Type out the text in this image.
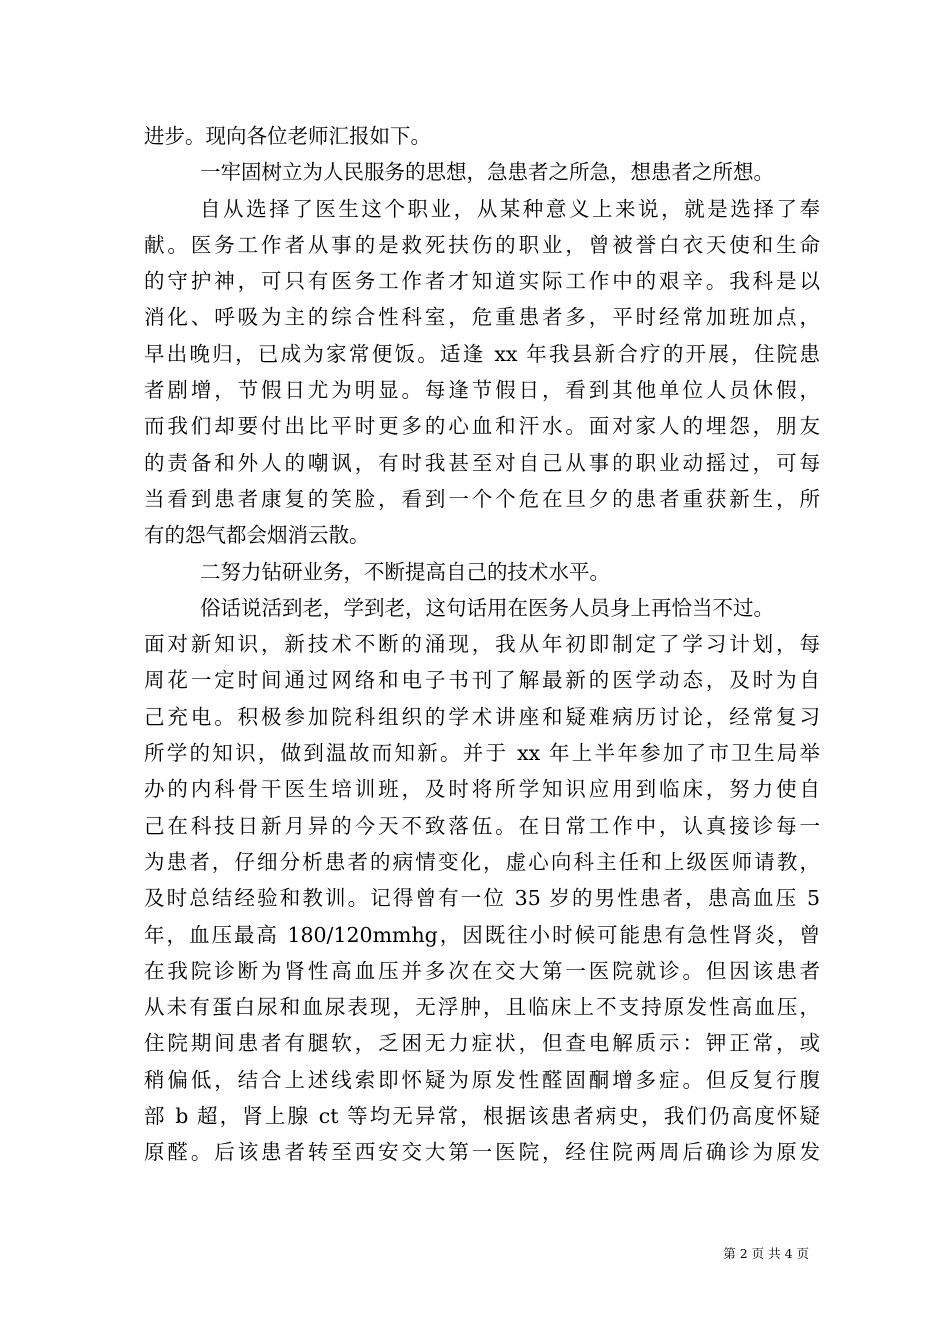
进步。现向各位老师汇报如下。
一牢固树立为人民服务的思想，急患者之所急，想患者之所想。
自从选择了医生这个职业，从某种意义上来说，就是选择了奉
献。医务工作者从事的是救死扶伤的职业，曾被誉白衣天使和生命
的守护神，可只有医务工作者才知道实际工作中的艰辛。我科是以
消化、呼吸为主的综合性科室，危重患者多，平时经常加班加点，
早出晚归，已成为家常便饭。适逢 xx 年我县新合疗的开展，住院患
者剧增，节假日尤为明显。每逢节假日，看到其他单位人员休假，
而我们却要付出比平时更多的心血和汗水。面对家人的埋怨，朋友
的责备和外人的嘲讽，有时我甚至对自己从事的职业动摇过，可每
当看到患者康复的笑脸，看到一个个危在旦夕的患者重获新生，所
有的怨气都会烟消云散。
二努力钻研业务，不断提高自己的技术水平。
俗话说活到老，学到老，这句话用在医务人员身上再恰当不过。
面对新知识，新技术不断的涌现，我从年初即制定了学习计划，每
周花一定时间通过网络和电子书刊了解最新的医学动态，及时为自
己充电。积极参加院科组织的学术讲座和疑难病历讨论，经常复习
所学的知识，做到温故而知新。并于 xx 年上半年参加了市卫生局举
办的内科骨干医生培训班，及时将所学知识应用到临床，努力使自
己在科技日新月异的今天不致落伍。在日常工作中，认真接诊每一
为患者，仔细分析患者的病情变化，虚心向科主任和上级医师请教，
及时总结经验和教训。记得曾有一位 35 岁的男性患者，患高血压 5
年，血压最高 180/120mmhg，因既往小时候可能患有急性肾炎，曾
在我院诊断为肾性高血压并多次在交大第一医院就诊。但因该患者
从未有蛋白尿和血尿表现，无浮肿，且临床上不支持原发性高血压，
住院期间患者有腿软，乏困无力症状，但查电解质示：钾正常，或
稍偏低，结合上述线索即怀疑为原发性醛固酮增多症。但反复行腹
部 b 超，肾上腺 ct 等均无异常，根据该患者病史，我们仍高度怀疑
原醛。后该患者转至西安交大第一医院，经住院两周后确诊为原发
第 2 页 共 4 页
